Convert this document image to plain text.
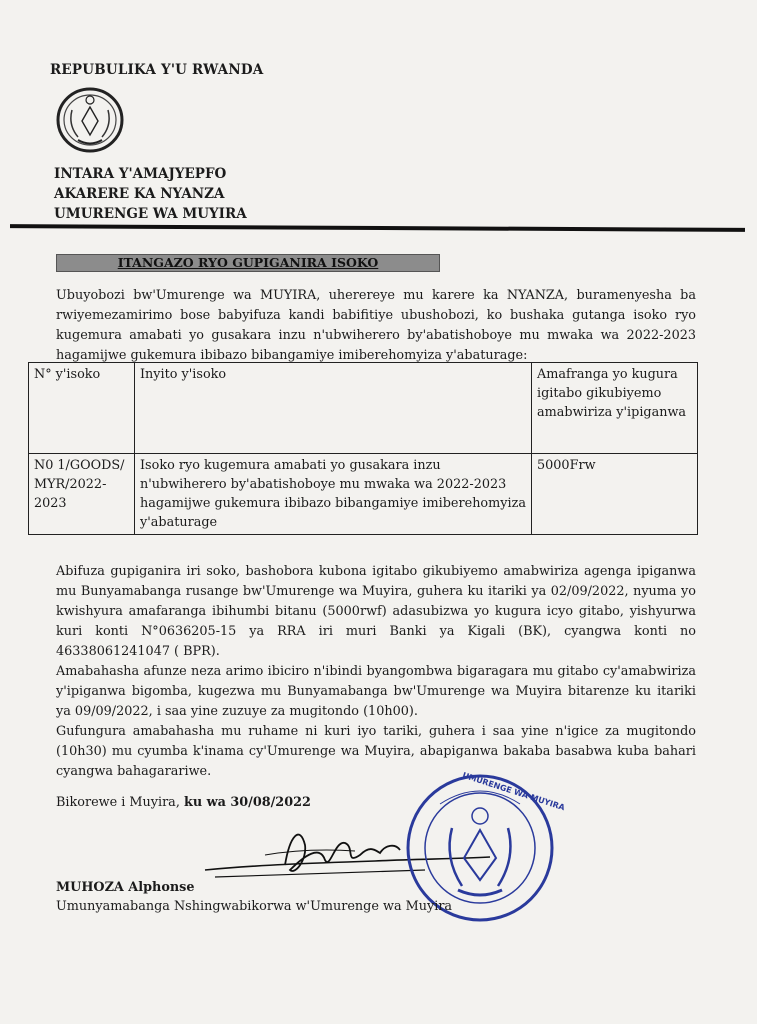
REPUBULIKA Y'U RWANDA
INTARA Y'AMAJYEPFO
AKARERE KA NYANZA
UMURENGE WA MUYIRA
ITANGAZO RYO GUPIGANIRA ISOKO
Ubuyobozi bw'Umurenge wa MUYIRA, uherereye mu karere ka NYANZA, buramenyesha ba rwiyemezamirimo bose babyifuza kandi babifitiye ubushobozi, ko bushaka gutanga isoko ryo kugemura amabati yo gusakara inzu n'ubwiherero by'abatishoboye mu mwaka wa 2022-2023 hagamijwe gukemura ibibazo bibangamiye imiberehomyiza y'abaturage:
N° y'isoko	Inyito y'isoko	Amafranga yo kugura igitabo gikubiyemo amabwiriza y'ipiganwa
N0 1/GOODS/ MYR/2022-2023	Isoko ryo kugemura amabati yo gusakara inzu n'ubwiherero by'abatishoboye mu mwaka wa 2022-2023 hagamijwe gukemura ibibazo bibangamiye imiberehomyiza y'abaturage	5000Frw

Abifuza gupiganira iri soko, bashobora kubona igitabo gikubiyemo amabwiriza agenga ipiganwa mu Bunyamabanga rusange bw'Umurenge wa Muyira, guhera ku itariki ya 02/09/2022, nyuma yo kwishyura amafaranga ibihumbi bitanu (5000rwf) adasubizwa yo kugura icyo gitabo, yishyurwa kuri konti N°0636205-15 ya RRA iri muri Banki ya Kigali (BK), cyangwa konti no 46338061241047 ( BPR).

Amabahasha afunze neza arimo ibiciro n'ibindi byangombwa bigaragara mu gitabo cy'amabwiriza y'ipiganwa bigomba, kugezwa mu Bunyamabanga bw'Umurenge wa Muyira bitarenze ku itariki ya 09/09/2022, i saa yine zuzuye za mugitondo (10h00).

Gufungura amabahasha mu ruhame ni kuri iyo tariki, guhera i saa yine n'igice za mugitondo (10h30) mu cyumba k'inama cy'Umurenge wa Muyira, abapiganwa bakaba basabwa kuba bahari cyangwa bahagarariwe.

Bikorewe i Muyira, ku wa 30/08/2022	UMURENGE WA MUYIRA
MUHOZA Alphonse
Umunyamabanga Nshingwabikorwa w'Umurenge wa Muyira
